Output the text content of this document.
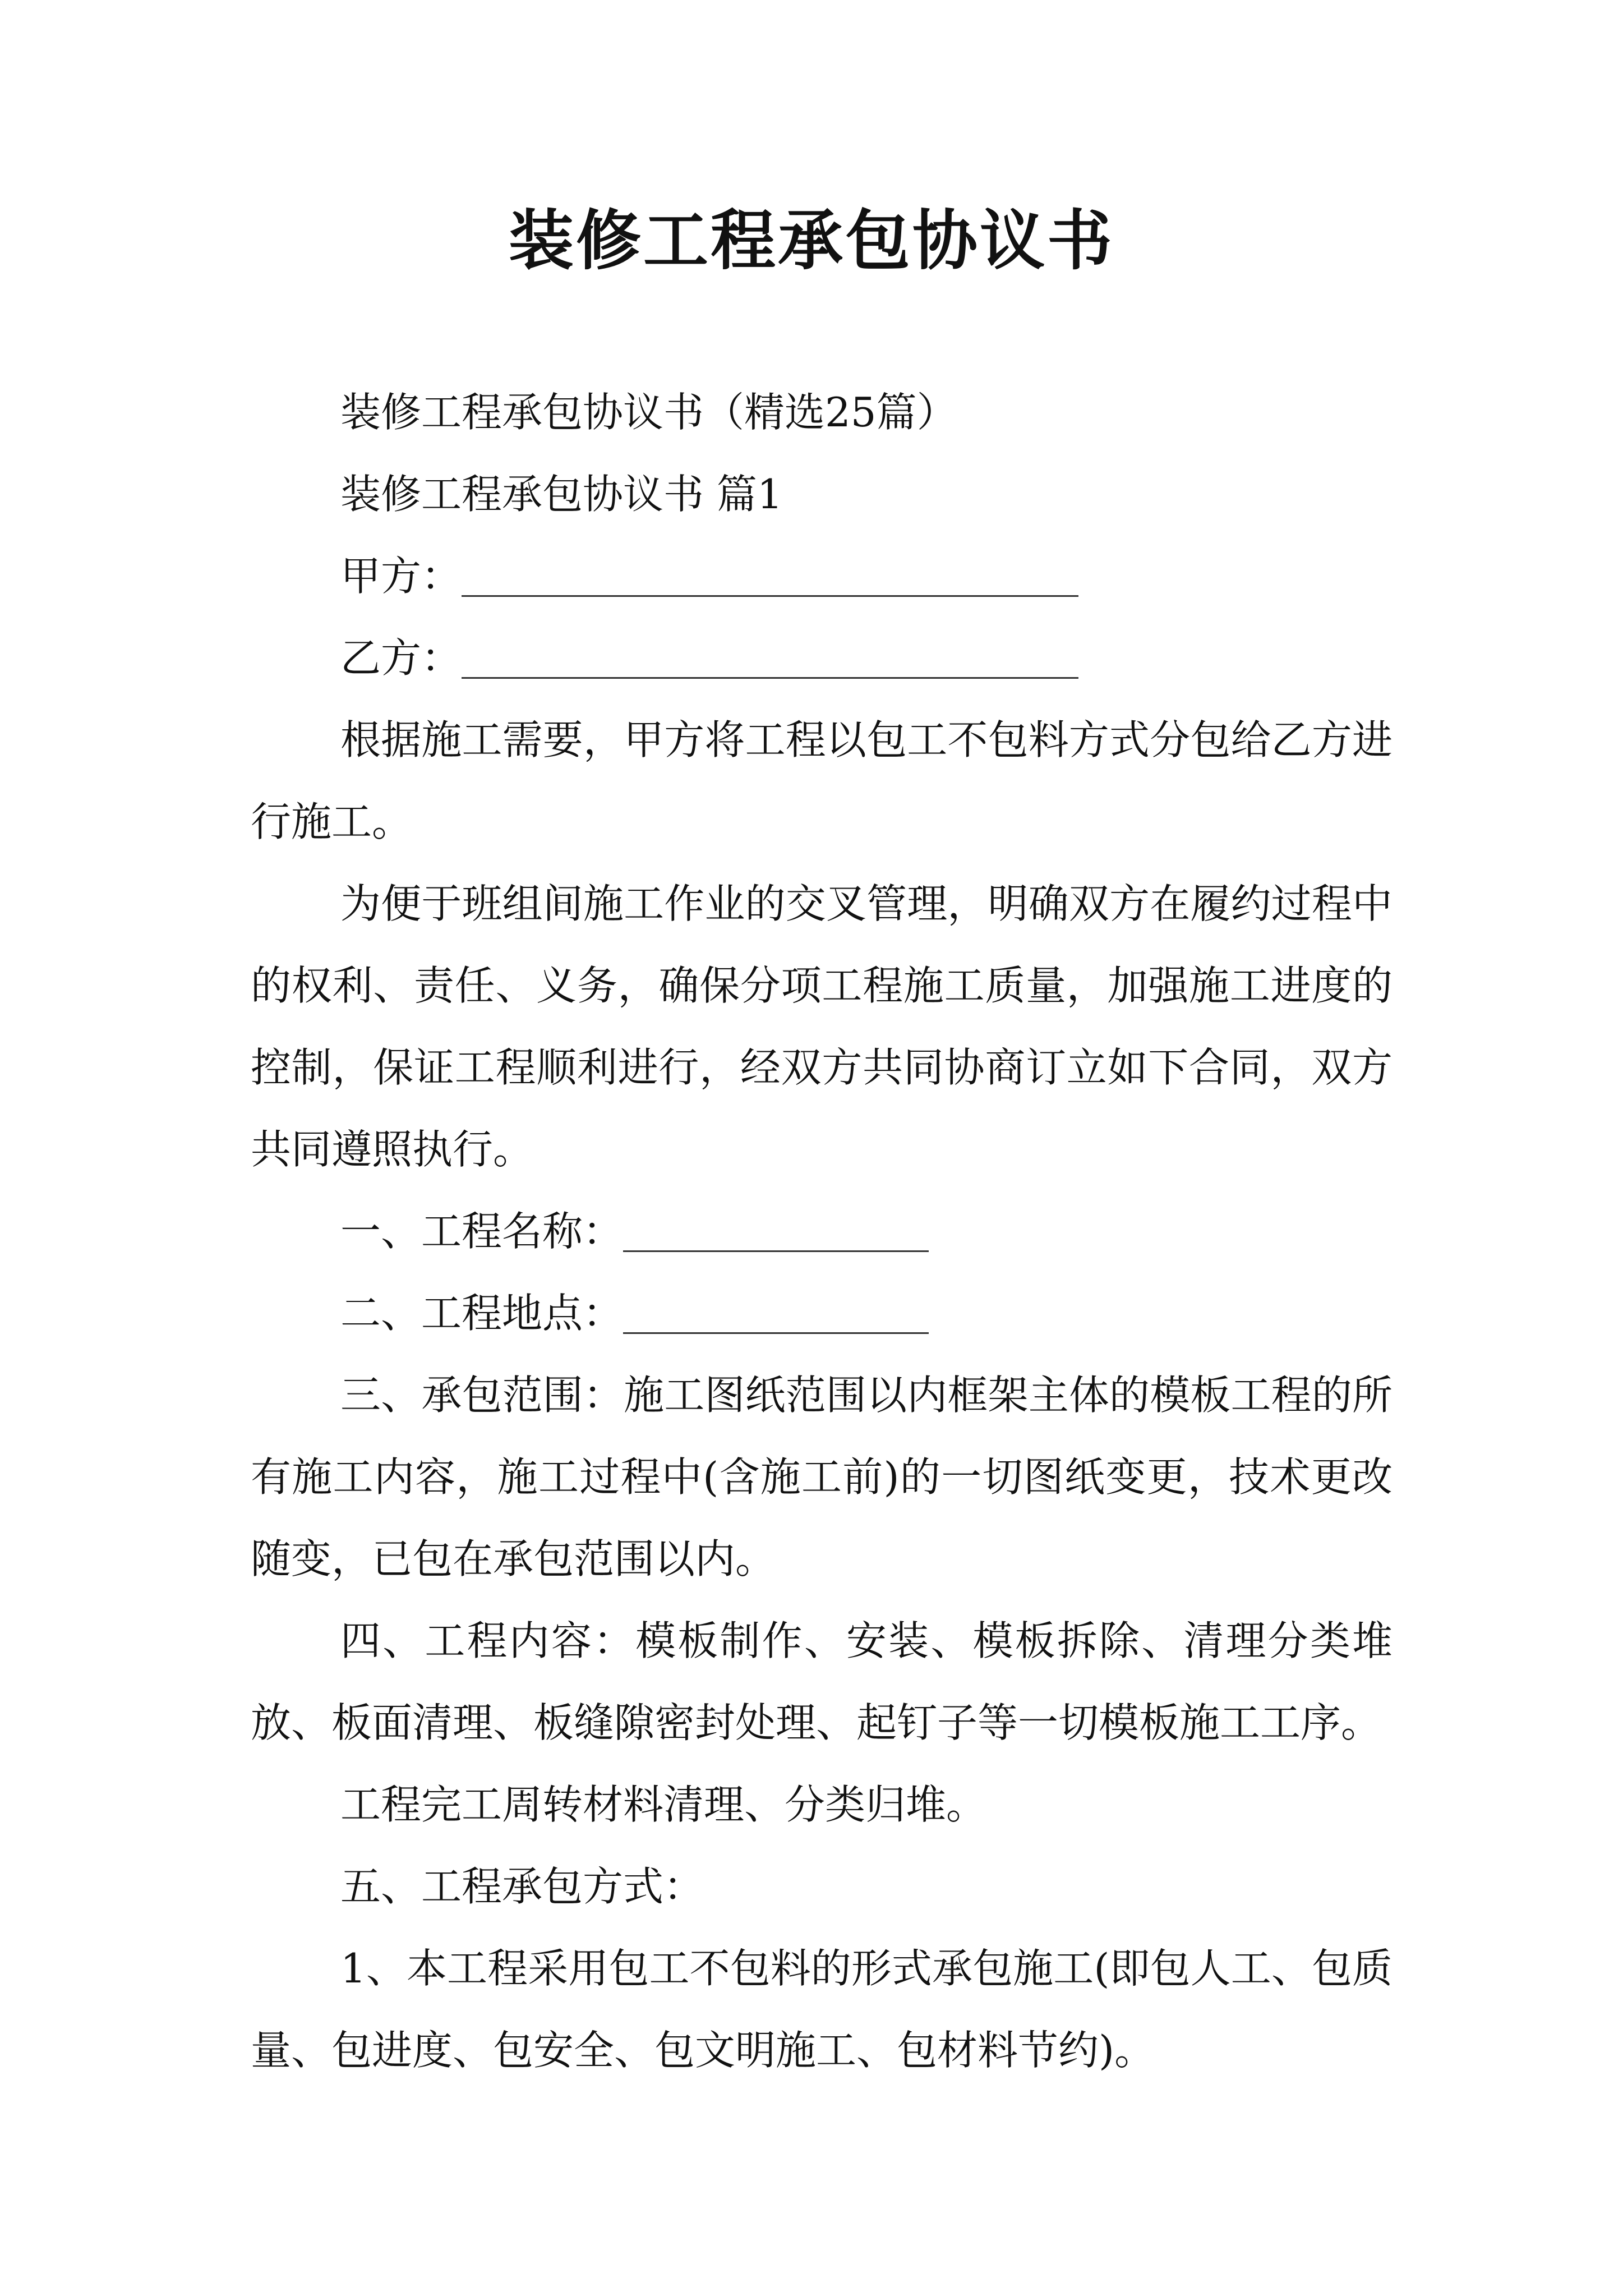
装修工程承包协议书

装修工程承包协议书（精选25篇）

装修工程承包协议书 篇1

甲方：

乙方：

根据施工需要，甲方将工程以包工不包料方式分包给乙方进行施工。

为便于班组间施工作业的交叉管理，明确双方在履约过程中的权利、责任、义务，确保分项工程施工质量，加强施工进度的控制，保证工程顺利进行，经双方共同协商订立如下合同，双方共同遵照执行。

一、工程名称：

二、工程地点：

三、承包范围：施工图纸范围以内框架主体的模板工程的所有施工内容，施工过程中(含施工前)的一切图纸变更，技术更改随变，已包在承包范围以内。

四、工程内容：模板制作、安装、模板拆除、清理分类堆放、板面清理、板缝隙密封处理、起钉子等一切模板施工工序。

工程完工周转材料清理、分类归堆。

五、工程承包方式：

1、本工程采用包工不包料的形式承包施工(即包人工、包质量、包进度、包安全、包文明施工、包材料节约)。
